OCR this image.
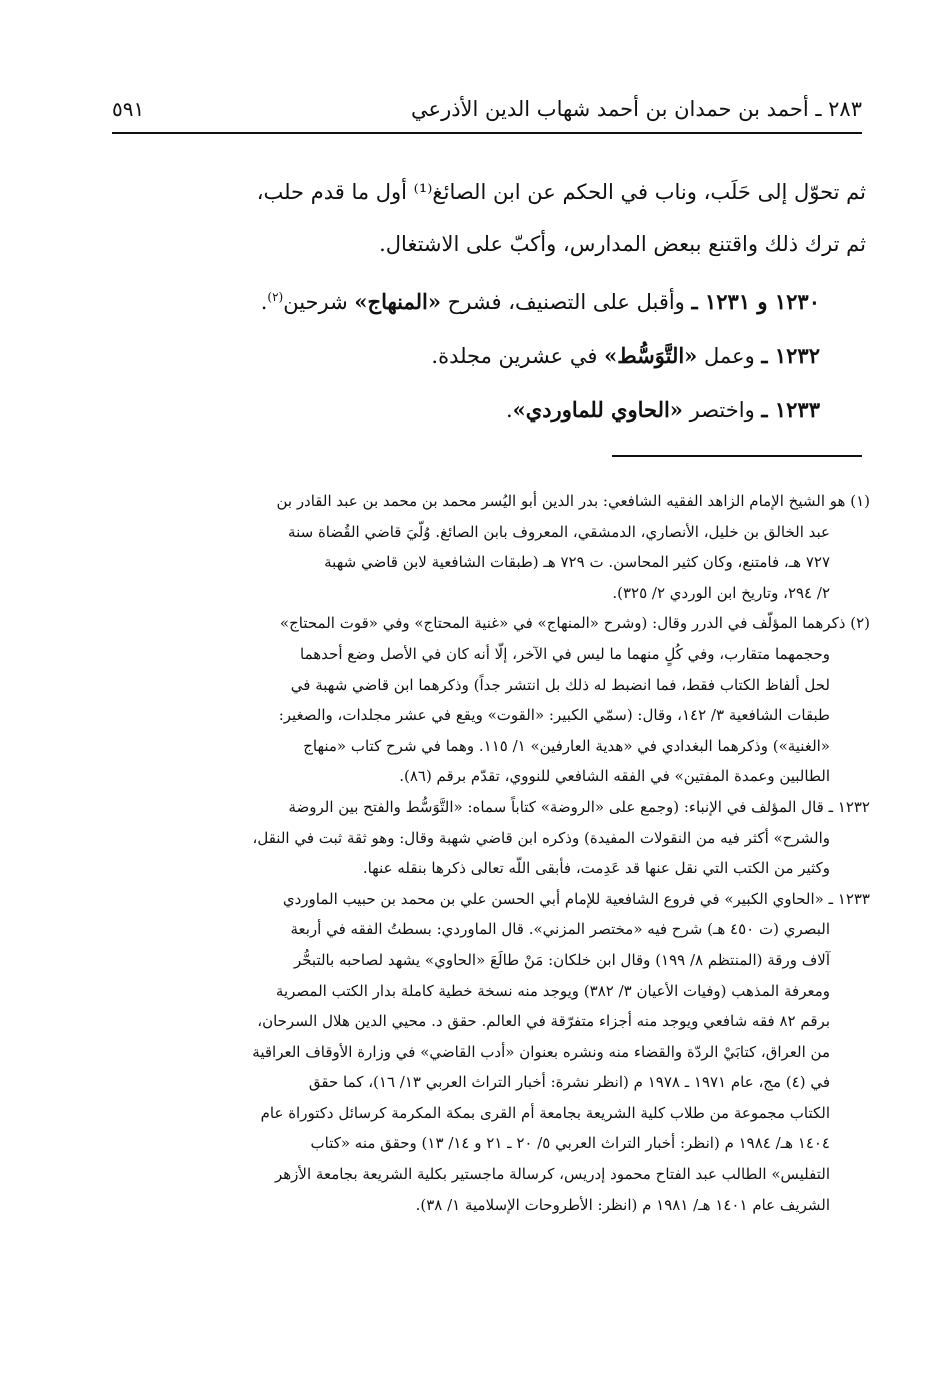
٥٩١	٢٨٣ ـ أحمد بن حمدان بن أحمد شهاب الدين الأذرعي
ثم تحوّل إلى حَلَب، وناب في الحكم عن ابن الصائغ⁽¹⁾ أول ما قدم حلب،
ثم ترك ذلك واقتنع ببعض المدارس، وأكبّ على الاشتغال.
١٢٣٠ و ١٢٣١ ـ وأقبل على التصنيف، فشرح «المنهاج» شرحين$^{(٢)}$.
١٢٣٢ ـ وعمل «التَّوَسُّط» في عشرين مجلدة.
١٢٣٣ ـ واختصر «الحاوي للماوردي».
(١) هو الشيخ الإمام الزاهد الفقيه الشافعي: بدر الدين أبو اليُسر محمد بن محمد بن عبد القادر بن
عبد الخالق بن خليل، الأنصاري، الدمشقي، المعروف بابن الصائغ. وُلّيَ قاضي القُضاة سنة
٧٢٧ هـ، فامتنع، وكان كثير المحاسن. ت ٧٢٩ هـ (طبقات الشافعية لابن قاضي شهبة
٢/ ٢٩٤، وتاريخ ابن الوردي ٢/ ٣٢٥).
(٢) ذكرهما المؤلّف في الدرر وقال: (وشرح «المنهاج» في «غنية المحتاج» وفي «قوت المحتاج»
وحجمهما متقارب، وفي كُلٍ منهما ما ليس في الآخر، إلّا أنه كان في الأصل وضع أحدهما
لحل ألفاظ الكتاب فقط، فما انضبط له ذلك بل انتشر جداً) وذكرهما ابن قاضي شهبة في
طبقات الشافعية ٣/ ١٤٢، وقال: (سمّي الكبير: «القوت» ويقع في عشر مجلدات، والصغير:
«الغنية») وذكرهما البغدادي في «هدية العارفين» ١/ ١١٥. وهما في شرح كتاب «منهاج
الطالبين وعمدة المفتين» في الفقه الشافعي للنووي، تقدّم برقم (٨٦).
١٢٣٢ ـ قال المؤلف في الإنباء: (وجمع على «الروضة» كتاباً سماه: «التَّوَسُّط والفتح بين الروضة
والشرح» أكثر فيه من النقولات المفيدة) وذكره ابن قاضي شهبة وقال: وهو ثقة ثبت في النقل،
وكثير من الكتب التي نقل عنها قد عَدِمت، فأبقى اللّه تعالى ذكرها بنقله عنها.
١٢٣٣ ـ «الحاوي الكبير» في فروع الشافعية للإمام أبي الحسن علي بن محمد بن حبيب الماوردي
البصري (ت ٤٥٠ هـ) شرح فيه «مختصر المزني». قال الماوردي: بسطتُ الفقه في أربعة
آلاف ورقة (المنتظم ٨/ ١٩٩) وقال ابن خلكان: مَنْ طالَعَ «الحاوي» يشهد لصاحبه بالتبحُّر
ومعرفة المذهب (وفيات الأعيان ٣/ ٣٨٢) ويوجد منه نسخة خطية كاملة بدار الكتب المصرية
برقم ٨٢ فقه شافعي ويوجد منه أجزاء متفرّقة في العالم. حقق د. محيي الدين هلال السرحان،
من العراق، كتابَيْ الردّة والقضاء منه ونشره بعنوان «أدب القاضي» في وزارة الأوقاف العراقية
في (٤) مج، عام ١٩٧١ ـ ١٩٧٨ م (انظر نشرة: أخبار التراث العربي ١٣/ ١٦)، كما حقق
الكتاب مجموعة من طلاب كلية الشريعة بجامعة أم القرى بمكة المكرمة كرسائل دكتوراة عام
١٤٠٤ هـ/ ١٩٨٤ م (انظر: أخبار التراث العربي ٥/ ٢٠ ـ ٢١ و ١٤/ ١٣) وحقق منه «كتاب
التفليس» الطالب عبد الفتاح محمود إدريس، كرسالة ماجستير بكلية الشريعة بجامعة الأزهر
الشريف عام ١٤٠١ هـ/ ١٩٨١ م (انظر: الأطروحات الإسلامية ١/ ٣٨).
